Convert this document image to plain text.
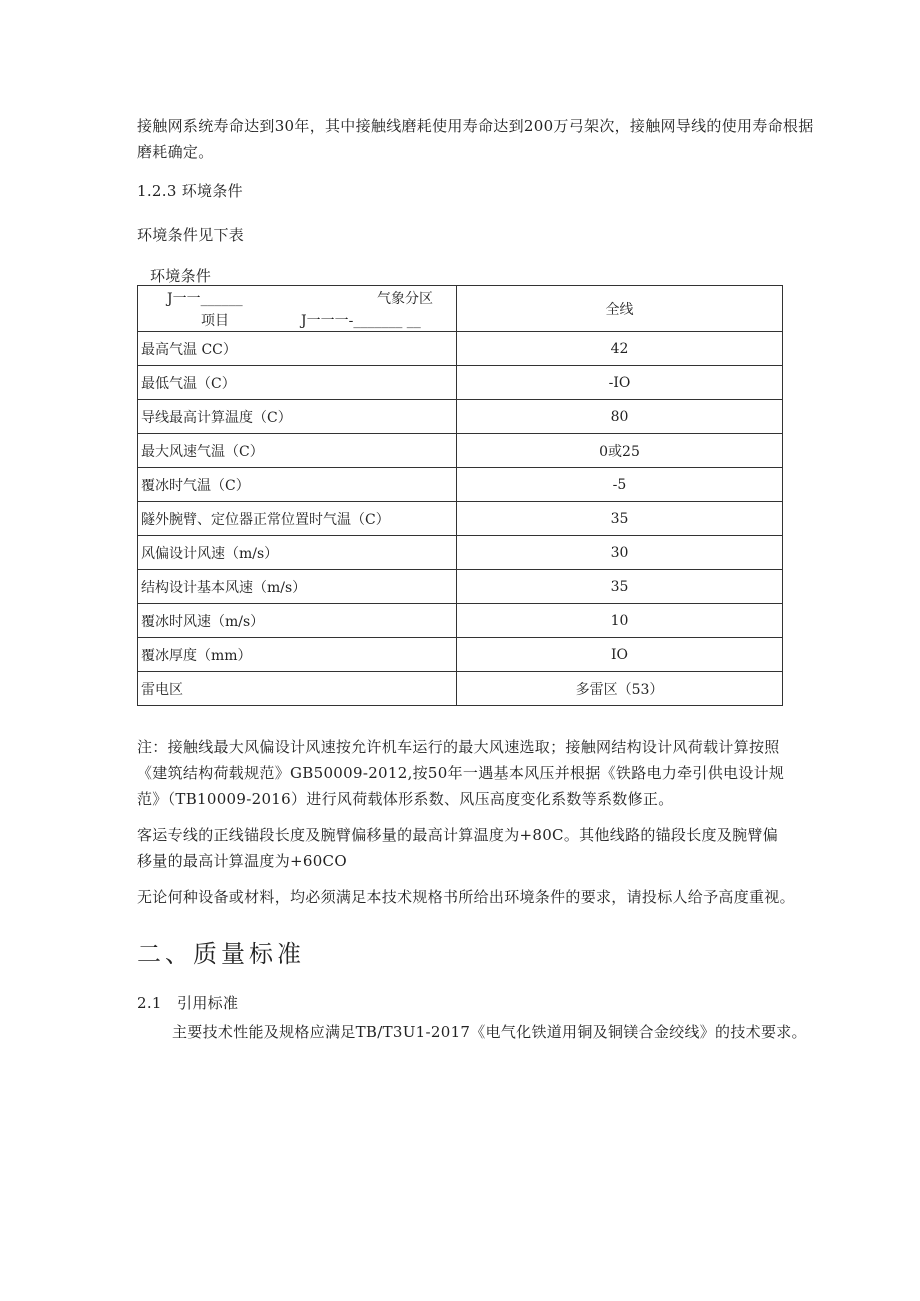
接触网系统寿命达到30年，其中接触线磨耗使用寿命达到200万弓架次，接触网导线的使用寿命根据磨耗确定。
1.2.3 环境条件
环境条件见下表
环境条件
J一一______ 气象分区
项目 J一一一-_______ __	全线
最高气温 CC）	42
最低气温（C）	-IO
导线最高计算温度（C）	80
最大风速气温（C）	0或25
覆冰时气温（C）	-5
隧外腕臂、定位器正常位置时气温（C）	35
风偏设计风速（m/s）	30
结构设计基本风速（m/s）	35
覆冰时风速（m/s）	10
覆冰厚度（mm）	IO
雷电区	多雷区（53）
注：接触线最大风偏设计风速按允许机车运行的最大风速选取；接触网结构设计风荷载计算按照《建筑结构荷载规范》GB50009-2012,按50年一遇基本风压并根据《铁路电力牵引供电设计规范》（TB10009-2016）进行风荷载体形系数、风压高度变化系数等系数修正。
客运专线的正线锚段长度及腕臂偏移量的最高计算温度为+80C。其他线路的锚段长度及腕臂偏移量的最高计算温度为+60CO
无论何种设备或材料，均必须满足本技术规格书所给出环境条件的要求，请投标人给予高度重视。
二、质量标准
2.1　引用标准
主要技术性能及规格应满足TB/T3U1-2017《电气化铁道用铜及铜镁合金绞线》的技术要求。
